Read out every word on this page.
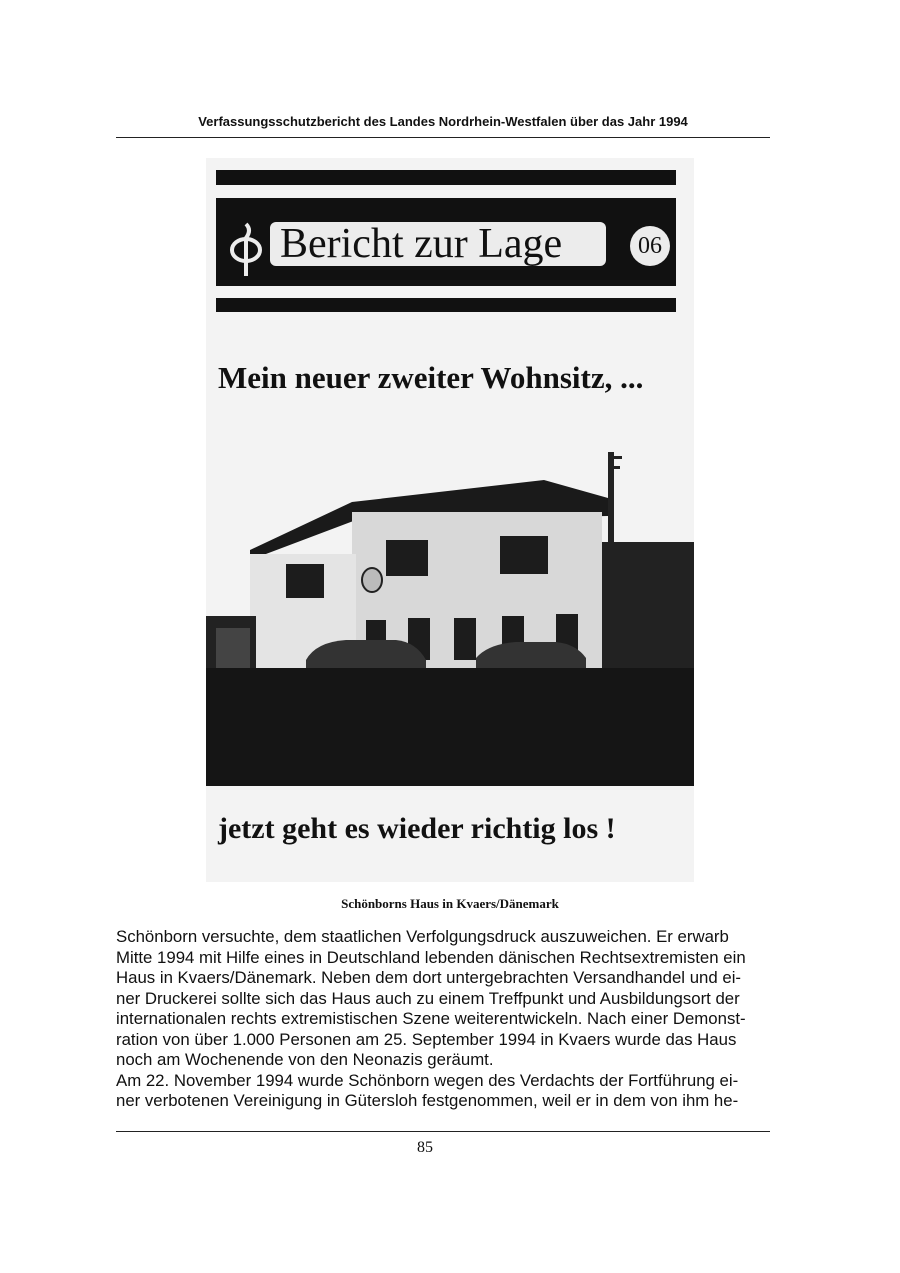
Verfassungsschutzbericht des Landes Nordrhein-Westfalen über das Jahr 1994
Bericht zur Lage	06
Mein neuer zweiter Wohnsitz, ...
jetzt geht es wieder richtig los !
Schönborns Haus in Kvaers/Dänemark
Schönborn versuchte, dem staatlichen Verfolgungsdruck auszuweichen. Er erwarb
Mitte 1994 mit Hilfe eines in Deutschland lebenden dänischen Rechtsextremisten ein
Haus in Kvaers/Dänemark. Neben dem dort untergebrachten Versandhandel und ei-
ner Druckerei sollte sich das Haus auch zu einem Treffpunkt und Ausbildungsort der
internationalen rechts extremistischen Szene weiterentwickeln. Nach einer Demonst-
ration von über 1.000 Personen am 25. September 1994 in Kvaers wurde das Haus
noch am Wochenende von den Neonazis geräumt.
Am 22. November 1994 wurde Schönborn wegen des Verdachts der Fortführung ei-
ner verbotenen Vereinigung in Gütersloh festgenommen, weil er in dem von ihm he-
85
